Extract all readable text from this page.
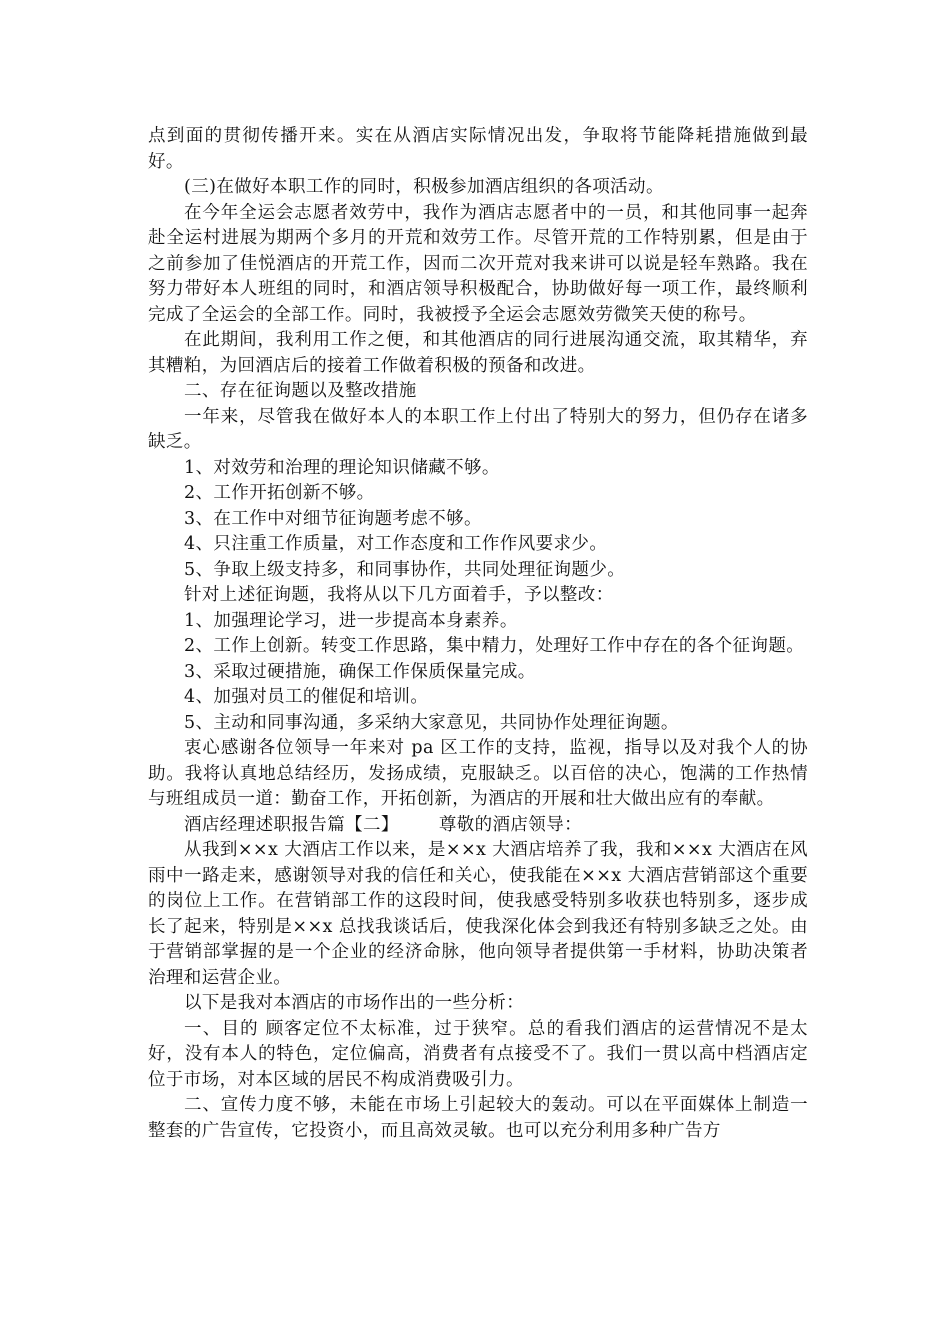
点到面的贯彻传播开来。实在从酒店实际情况出发，争取将节能降耗措施做到最好。

(三)在做好本职工作的同时，积极参加酒店组织的各项活动。

在今年全运会志愿者效劳中，我作为酒店志愿者中的一员，和其他同事一起奔赴全运村进展为期两个多月的开荒和效劳工作。尽管开荒的工作特别累，但是由于之前参加了佳悦酒店的开荒工作，因而二次开荒对我来讲可以说是轻车熟路。我在努力带好本人班组的同时，和酒店领导积极配合，协助做好每一项工作，最终顺利完成了全运会的全部工作。同时，我被授予全运会志愿效劳微笑天使的称号。

在此期间，我利用工作之便，和其他酒店的同行进展沟通交流，取其精华，弃其糟粕，为回酒店后的接着工作做着积极的预备和改进。

二、存在征询题以及整改措施

一年来，尽管我在做好本人的本职工作上付出了特别大的努力，但仍存在诸多缺乏。

1、对效劳和治理的理论知识储藏不够。

2、工作开拓创新不够。

3、在工作中对细节征询题考虑不够。

4、只注重工作质量，对工作态度和工作作风要求少。

5、争取上级支持多，和同事协作，共同处理征询题少。

针对上述征询题，我将从以下几方面着手，予以整改：

1、加强理论学习，进一步提高本身素养。

2、工作上创新。转变工作思路，集中精力，处理好工作中存在的各个征询题。

3、采取过硬措施，确保工作保质保量完成。

4、加强对员工的催促和培训。

5、主动和同事沟通，多采纳大家意见，共同协作处理征询题。

衷心感谢各位领导一年来对 pa 区工作的支持，监视，指导以及对我个人的协助。我将认真地总结经历，发扬成绩，克服缺乏。以百倍的决心，饱满的工作热情与班组成员一道：勤奋工作，开拓创新，为酒店的开展和壮大做出应有的奉献。

酒店经理述职报告篇【二】 尊敬的酒店领导：

从我到××x 大酒店工作以来，是××x 大酒店培养了我，我和××x 大酒店在风雨中一路走来，感谢领导对我的信任和关心，使我能在××x 大酒店营销部这个重要的岗位上工作。在营销部工作的这段时间，使我感受特别多收获也特别多，逐步成长了起来，特别是××x 总找我谈话后，使我深化体会到我还有特别多缺乏之处。由于营销部掌握的是一个企业的经济命脉，他向领导者提供第一手材料，协助决策者治理和运营企业。

以下是我对本酒店的市场作出的一些分析：

一、目的 顾客定位不太标准，过于狭窄。总的看我们酒店的运营情况不是太好，没有本人的特色，定位偏高，消费者有点接受不了。我们一贯以高中档酒店定位于市场，对本区域的居民不构成消费吸引力。

二、宣传力度不够，未能在市场上引起较大的轰动。可以在平面媒体上制造一整套的广告宣传，它投资小，而且高效灵敏。也可以充分利用多种广告方
